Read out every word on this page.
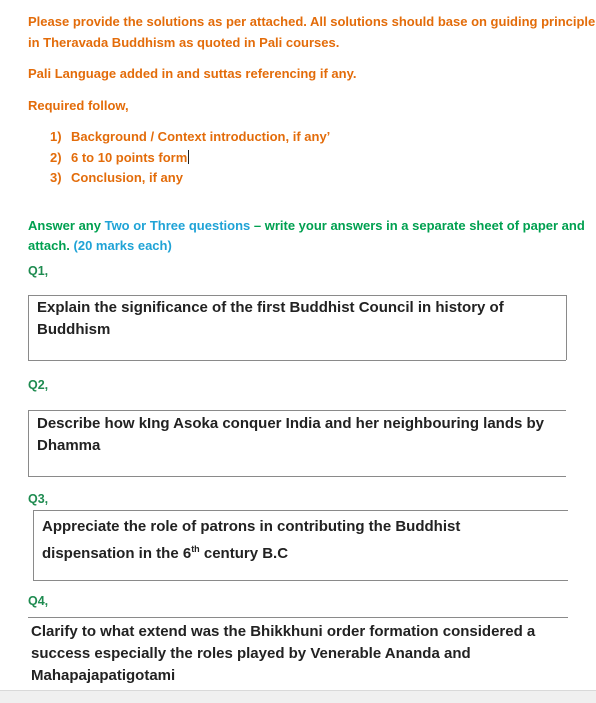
Please provide the solutions as per attached. All solutions should base on guiding principle

in Theravada Buddhism as quoted in Pali courses.

Pali Language added in and suttas referencing if any.

Required follow,

1) Background / Context introduction, if any’
2) 6 to 10 points form
3) Conclusion, if any

Answer any Two or Three questions – write your answers in a separate sheet of paper and

attach. (20 marks each)

Q1,
Explain the significance of the first Buddhist Council in history of
Buddhism
Q2,
Describe how kIng Asoka conquer India and her neighbouring lands by
Dhamma
Q3,
Appreciate the role of patrons in contributing the Buddhist
dispensation in the 6th century B.C
Q4,
Clarify to what extend was the Bhikkhuni order formation considered a
success especially the roles played by Venerable Ananda and
Mahapajapatigotami
